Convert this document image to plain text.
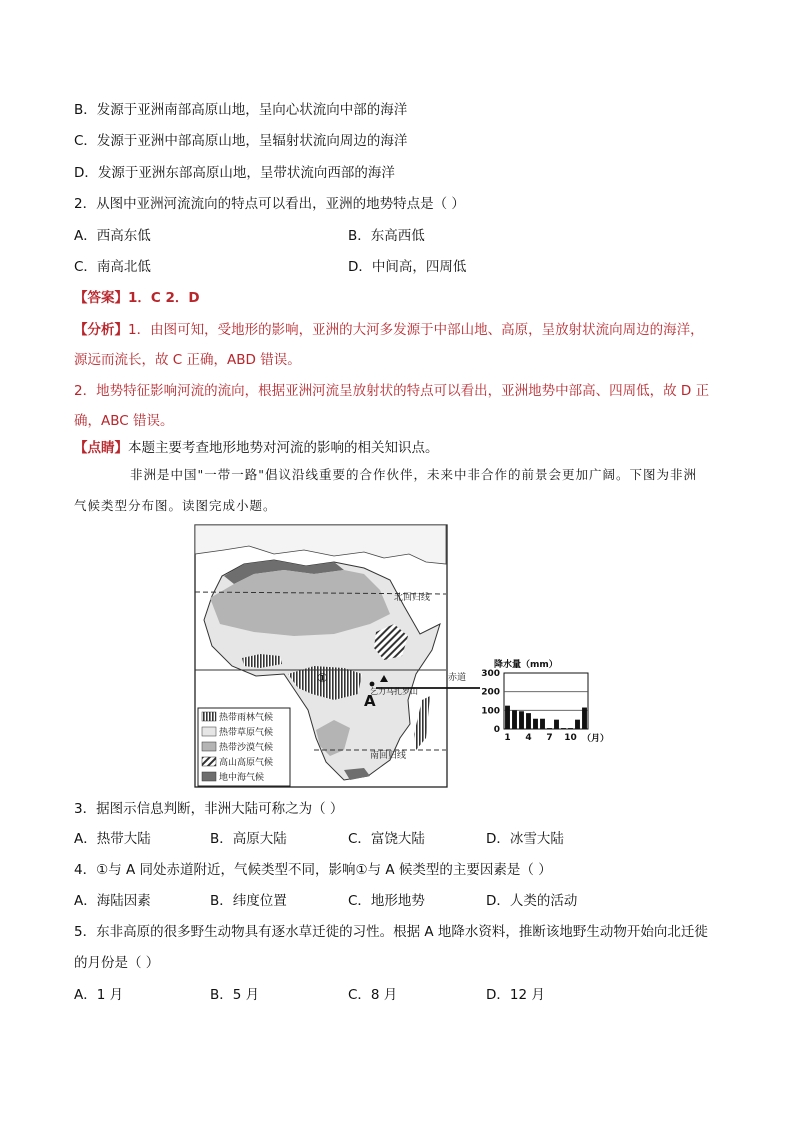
B．发源于亚洲南部高原山地，呈向心状流向中部的海洋
C．发源于亚洲中部高原山地，呈辐射状流向周边的海洋
D．发源于亚洲东部高原山地，呈带状流向西部的海洋
2．从图中亚洲河流流向的特点可以看出，亚洲的地势特点是（ ）
A．西高东低	B．东高西低
C．南高北低	D．中间高，四周低
【答案】1．C 2．D
【分析】1．由图可知，受地形的影响，亚洲的大河多发源于中部山地、高原，呈放射状流向周边的海洋，
源远而流长，故 C 正确，ABD 错误。
2．地势特征影响河流的流向，根据亚洲河流呈放射状的特点可以看出，亚洲地势中部高、四周低，故 D 正
确，ABC 错误。
【点睛】本题主要考查地形地势对河流的影响的相关知识点。
非洲是中国"一带一路"倡议沿线重要的合作伙伴，未来中非合作的前景会更加广阔。下图为非洲
气候类型分布图。读图完成小题。
北回归线
赤道
南回归线
乞力马扎罗山
A
①
热带雨林气候
热带草原气候
热带沙漠气候
高山高原气候
地中海气候
降水量（mm）
300
200
100
0
1 4 7 10 （月）
3．据图示信息判断，非洲大陆可称之为（ ）
A．热带大陆	B．高原大陆	C．富饶大陆	D．冰雪大陆
4．①与 A 同处赤道附近，气候类型不同，影响①与 A 候类型的主要因素是（ ）
A．海陆因素	B．纬度位置	C．地形地势	D．人类的活动
5．东非高原的很多野生动物具有逐水草迁徙的习性。根据 A 地降水资料，推断该地野生动物开始向北迁徙
的月份是（ ）
A．1 月	B．5 月	C．8 月	D．12 月
